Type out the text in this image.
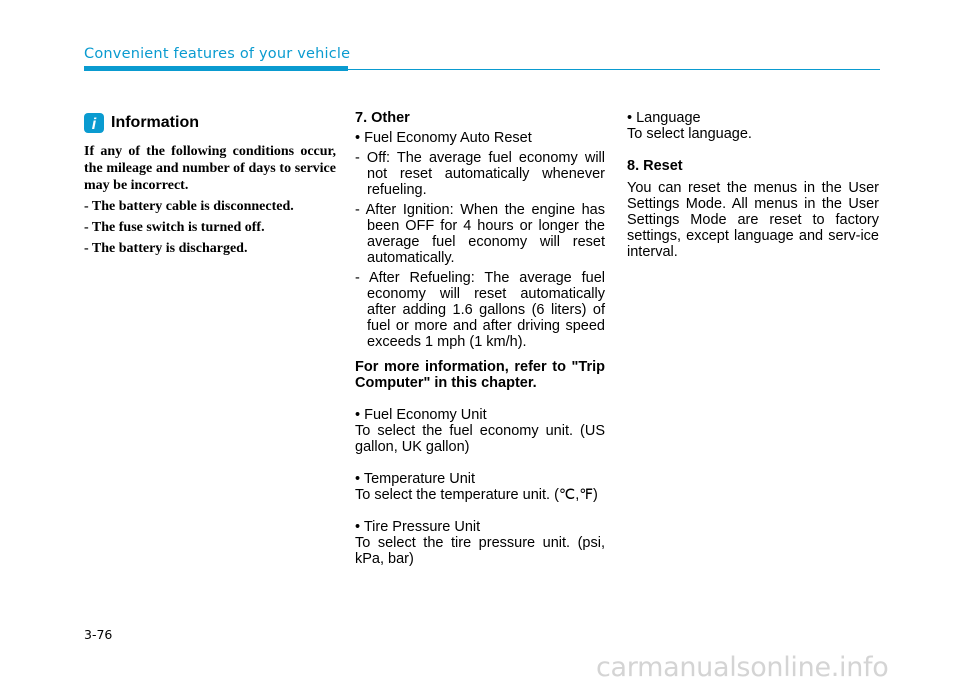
Convenient features of your vehicle
i Information

If any of the following conditions occur, the mileage and number of days to service may be incorrect.

- The battery cable is disconnected.
- The fuse switch is turned off.
- The battery is discharged.

7. Other

• Fuel Economy Auto Reset

- Off: The average fuel economy will not reset automatically whenever refueling.

- After Ignition: When the engine has been OFF for 4 hours or longer the average fuel economy will reset automatically.

- After Refueling: The average fuel economy will reset automatically after adding 1.6 gallons (6 liters) of fuel or more and after driving speed exceeds 1 mph (1 km/h).

For more information, refer to "Trip Computer" in this chapter.

• Fuel Economy Unit

To select the fuel economy unit. (US gallon, UK gallon)

• Temperature Unit

To select the temperature unit. (℃,℉)

• Tire Pressure Unit

To select the tire pressure unit. (psi, kPa, bar)

• Language

To select language.

8. Reset

You can reset the menus in the User Settings Mode. All menus in the User Settings Mode are reset to factory settings, except language and serv-ice interval.

3-76
carmanualsonline.info
